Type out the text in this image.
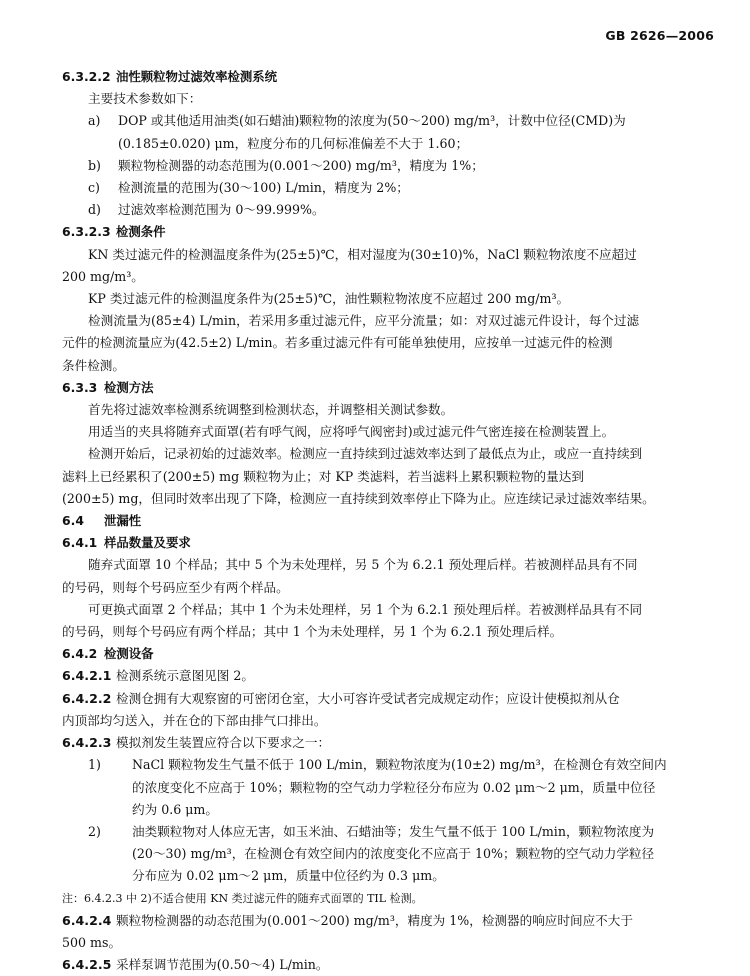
GB 2626—2006
6.3.2.2 油性颗粒物过滤效率检测系统
主要技术参数如下：
a) DOP 或其他适用油类(如石蜡油)颗粒物的浓度为(50～200) mg/m³，计数中位径(CMD)为
(0.185±0.020) μm，粒度分布的几何标准偏差不大于 1.60；
b) 颗粒物检测器的动态范围为(0.001～200) mg/m³，精度为 1%；
c) 检测流量的范围为(30～100) L/min，精度为 2%；
d) 过滤效率检测范围为 0～99.999%。
6.3.2.3 检测条件
KN 类过滤元件的检测温度条件为(25±5)℃，相对湿度为(30±10)%，NaCl 颗粒物浓度不应超过
200 mg/m³。
KP 类过滤元件的检测温度条件为(25±5)℃，油性颗粒物浓度不应超过 200 mg/m³。
检测流量为(85±4) L/min，若采用多重过滤元件，应平分流量；如：对双过滤元件设计，每个过滤
元件的检测流量应为(42.5±2) L/min。若多重过滤元件有可能单独使用，应按单一过滤元件的检测
条件检测。
6.3.3 检测方法
首先将过滤效率检测系统调整到检测状态，并调整相关测试参数。
用适当的夹具将随弃式面罩(若有呼气阀，应将呼气阀密封)或过滤元件气密连接在检测装置上。
检测开始后，记录初始的过滤效率。检测应一直持续到过滤效率达到了最低点为止，或应一直持续到
滤料上已经累积了(200±5) mg 颗粒物为止；对 KP 类滤料，若当滤料上累积颗粒物的量达到
(200±5) mg，但同时效率出现了下降，检测应一直持续到效率停止下降为止。应连续记录过滤效率结果。
6.4 泄漏性
6.4.1 样品数量及要求
随弃式面罩 10 个样品；其中 5 个为未处理样，另 5 个为 6.2.1 预处理后样。若被测样品具有不同
的号码，则每个号码应至少有两个样品。
可更换式面罩 2 个样品；其中 1 个为未处理样，另 1 个为 6.2.1 预处理后样。若被测样品具有不同
的号码，则每个号码应有两个样品；其中 1 个为未处理样，另 1 个为 6.2.1 预处理后样。
6.4.2 检测设备
6.4.2.1 检测系统示意图见图 2。
6.4.2.2 检测仓拥有大观察窗的可密闭仓室，大小可容许受试者完成规定动作；应设计使模拟剂从仓
内顶部均匀送入，并在仓的下部由排气口排出。
6.4.2.3 模拟剂发生装置应符合以下要求之一：
1) NaCl 颗粒物发生气量不低于 100 L/min，颗粒物浓度为(10±2) mg/m³，在检测仓有效空间内
的浓度变化不应高于 10%；颗粒物的空气动力学粒径分布应为 0.02 μm～2 μm，质量中位径
约为 0.6 μm。
2) 油类颗粒物对人体应无害，如玉米油、石蜡油等；发生气量不低于 100 L/min，颗粒物浓度为
(20～30) mg/m³，在检测仓有效空间内的浓度变化不应高于 10%；颗粒物的空气动力学粒径
分布应为 0.02 μm～2 μm，质量中位径约为 0.3 μm。
注：6.4.2.3 中 2)不适合使用 KN 类过滤元件的随弃式面罩的 TIL 检测。
6.4.2.4 颗粒物检测器的动态范围为(0.001～200) mg/m³，精度为 1%，检测器的响应时间应不大于
500 ms。
6.4.2.5 采样泵调节范围为(0.50～4) L/min。
